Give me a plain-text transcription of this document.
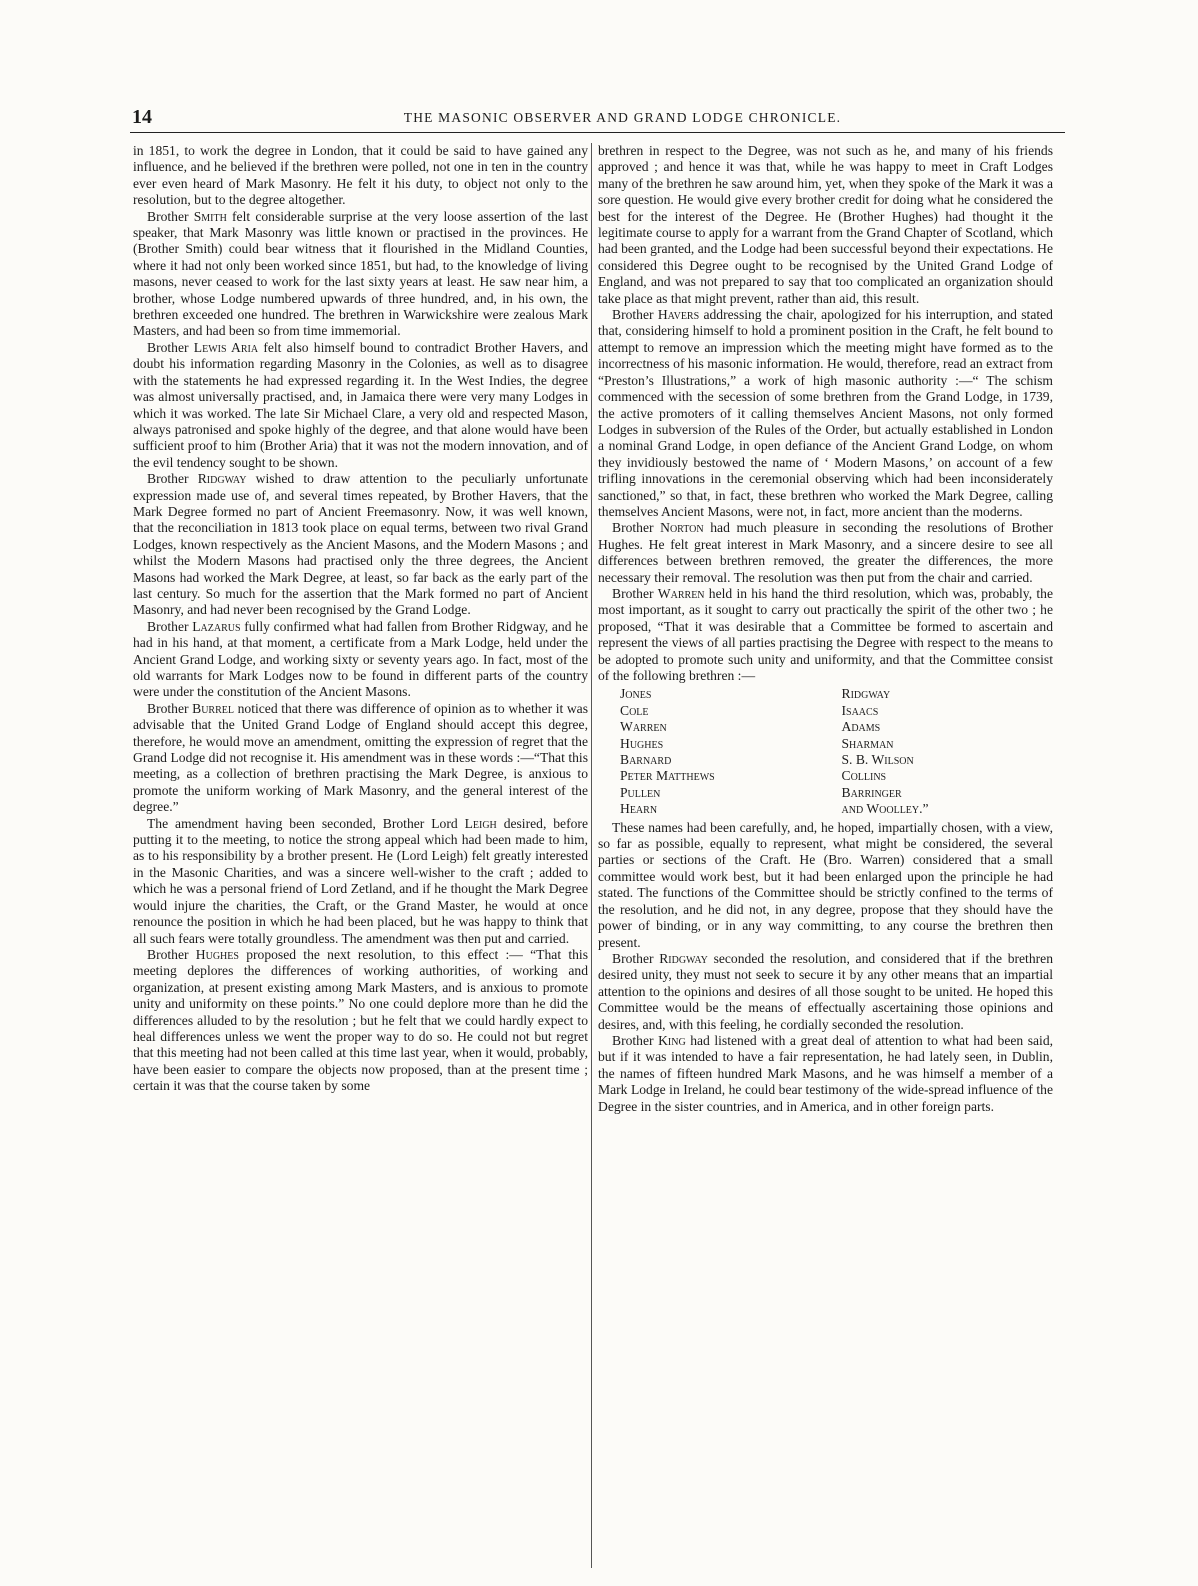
14	THE MASONIC OBSERVER AND GRAND LODGE CHRONICLE.

in 1851, to work the degree in London, that it could be said to have gained any influence, and he believed if the brethren were polled, not one in ten in the country ever even heard of Mark Masonry. He felt it his duty, to object not only to the resolution, but to the degree altogether.

Brother Smith felt considerable surprise at the very loose assertion of the last speaker, that Mark Masonry was little known or practised in the provinces. He (Brother Smith) could bear witness that it flourished in the Midland Counties, where it had not only been worked since 1851, but had, to the knowledge of living masons, never ceased to work for the last sixty years at least. He saw near him, a brother, whose Lodge numbered upwards of three hundred, and, in his own, the brethren exceeded one hundred. The brethren in Warwickshire were zealous Mark Masters, and had been so from time immemorial.

Brother Lewis Aria felt also himself bound to contradict Brother Havers, and doubt his information regarding Masonry in the Colonies, as well as to disagree with the statements he had expressed regarding it. In the West Indies, the degree was almost universally practised, and, in Jamaica there were very many Lodges in which it was worked. The late Sir Michael Clare, a very old and respected Mason, always patronised and spoke highly of the degree, and that alone would have been sufficient proof to him (Brother Aria) that it was not the modern innovation, and of the evil tendency sought to be shown.

Brother Ridgway wished to draw attention to the peculiarly unfortunate expression made use of, and several times repeated, by Brother Havers, that the Mark Degree formed no part of Ancient Freemasonry. Now, it was well known, that the reconciliation in 1813 took place on equal terms, between two rival Grand Lodges, known respectively as the Ancient Masons, and the Modern Masons ; and whilst the Modern Masons had practised only the three degrees, the Ancient Masons had worked the Mark Degree, at least, so far back as the early part of the last century. So much for the assertion that the Mark formed no part of Ancient Masonry, and had never been recognised by the Grand Lodge.

Brother Lazarus fully confirmed what had fallen from Brother Ridgway, and he had in his hand, at that moment, a certificate from a Mark Lodge, held under the Ancient Grand Lodge, and working sixty or seventy years ago. In fact, most of the old warrants for Mark Lodges now to be found in different parts of the country were under the constitution of the Ancient Masons.

Brother Burrel noticed that there was difference of opinion as to whether it was advisable that the United Grand Lodge of England should accept this degree, therefore, he would move an amendment, omitting the expression of regret that the Grand Lodge did not recognise it. His amendment was in these words :—“That this meeting, as a collection of brethren practising the Mark Degree, is anxious to promote the uniform working of Mark Masonry, and the general interest of the degree.”

The amendment having been seconded, Brother Lord Leigh desired, before putting it to the meeting, to notice the strong appeal which had been made to him, as to his responsibility by a brother present. He (Lord Leigh) felt greatly interested in the Masonic Charities, and was a sincere well-wisher to the craft ; added to which he was a personal friend of Lord Zetland, and if he thought the Mark Degree would injure the charities, the Craft, or the Grand Master, he would at once renounce the position in which he had been placed, but he was happy to think that all such fears were totally groundless. The amendment was then put and carried.

Brother Hughes proposed the next resolution, to this effect :— “That this meeting deplores the differences of working authorities, of working and organization, at present existing among Mark Masters, and is anxious to promote unity and uniformity on these points.” No one could deplore more than he did the differences alluded to by the resolution ; but he felt that we could hardly expect to heal differences unless we went the proper way to do so. He could not but regret that this meeting had not been called at this time last year, when it would, probably, have been easier to compare the objects now proposed, than at the present time ; certain it was that the course taken by some

brethren in respect to the Degree, was not such as he, and many of his friends approved ; and hence it was that, while he was happy to meet in Craft Lodges many of the brethren he saw around him, yet, when they spoke of the Mark it was a sore question. He would give every brother credit for doing what he considered the best for the interest of the Degree. He (Brother Hughes) had thought it the legitimate course to apply for a warrant from the Grand Chapter of Scotland, which had been granted, and the Lodge had been successful beyond their expectations. He considered this Degree ought to be recognised by the United Grand Lodge of England, and was not prepared to say that too complicated an organization should take place as that might prevent, rather than aid, this result.

Brother Havers addressing the chair, apologized for his interruption, and stated that, considering himself to hold a prominent position in the Craft, he felt bound to attempt to remove an impression which the meeting might have formed as to the incorrectness of his masonic information. He would, therefore, read an extract from “Preston’s Illustrations,” a work of high masonic authority :—“ The schism commenced with the secession of some brethren from the Grand Lodge, in 1739, the active promoters of it calling themselves Ancient Masons, not only formed Lodges in subversion of the Rules of the Order, but actually established in London a nominal Grand Lodge, in open defiance of the Ancient Grand Lodge, on whom they invidiously bestowed the name of ‘ Modern Masons,’ on account of a few trifling innovations in the ceremonial observing which had been inconsiderately sanctioned,” so that, in fact, these brethren who worked the Mark Degree, calling themselves Ancient Masons, were not, in fact, more ancient than the moderns.

Brother Norton had much pleasure in seconding the resolutions of Brother Hughes. He felt great interest in Mark Masonry, and a sincere desire to see all differences between brethren removed, the greater the differences, the more necessary their removal. The resolution was then put from the chair and carried.

Brother Warren held in his hand the third resolution, which was, probably, the most important, as it sought to carry out practically the spirit of the other two ; he proposed, “That it was desirable that a Committee be formed to ascertain and represent the views of all parties practising the Degree with respect to the means to be adopted to promote such unity and uniformity, and that the Committee consist of the following brethren :—

Jones	Ridgway
Cole	Isaacs
Warren	Adams
Hughes	Sharman
Barnard	S. B. Wilson
Peter Matthews	Collins
Pullen	Barringer
Hearn	and Woolley.”

These names had been carefully, and, he hoped, impartially chosen, with a view, so far as possible, equally to represent, what might be considered, the several parties or sections of the Craft. He (Bro. Warren) considered that a small committee would work best, but it had been enlarged upon the principle he had stated. The functions of the Committee should be strictly confined to the terms of the resolution, and he did not, in any degree, propose that they should have the power of binding, or in any way committing, to any course the brethren then present.

Brother Ridgway seconded the resolution, and considered that if the brethren desired unity, they must not seek to secure it by any other means that an impartial attention to the opinions and desires of all those sought to be united. He hoped this Committee would be the means of effectually ascertaining those opinions and desires, and, with this feeling, he cordially seconded the resolution.

Brother King had listened with a great deal of attention to what had been said, but if it was intended to have a fair representation, he had lately seen, in Dublin, the names of fifteen hundred Mark Masons, and he was himself a member of a Mark Lodge in Ireland, he could bear testimony of the wide-spread influence of the Degree in the sister countries, and in America, and in other foreign parts.
